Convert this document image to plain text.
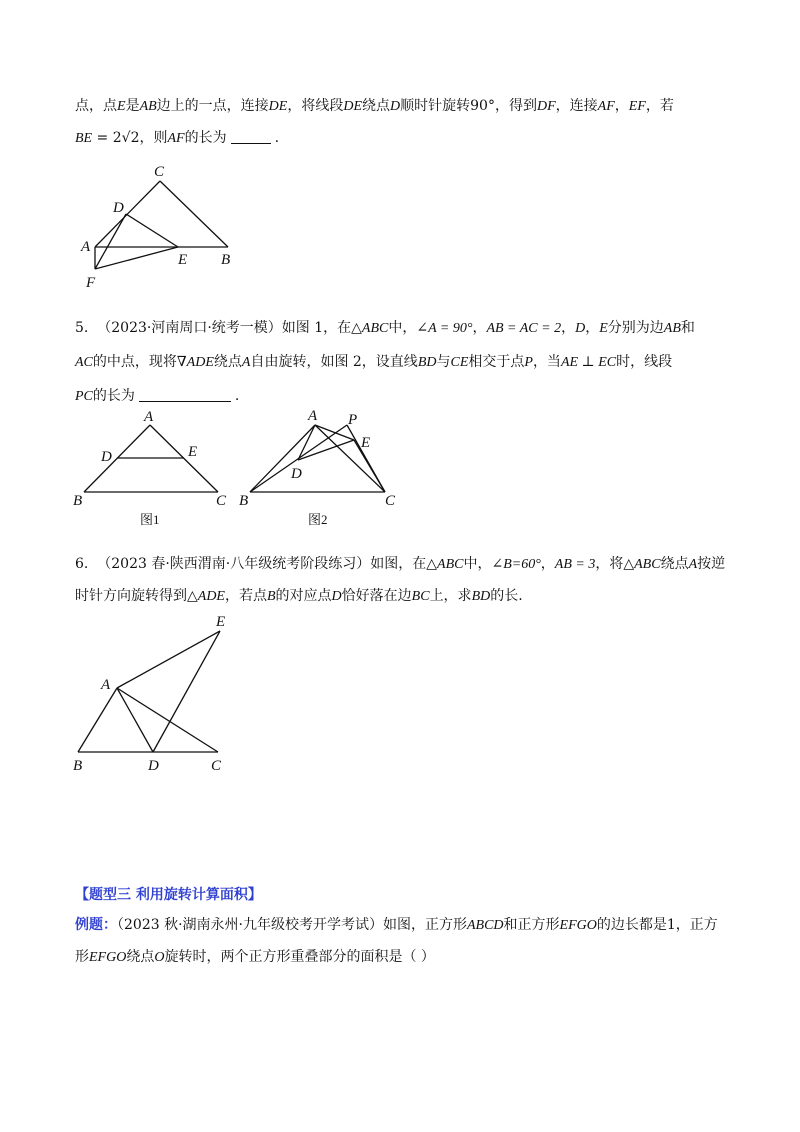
点，点E是AB边上的一点，连接DE，将线段DE绕点D顺时针旋转90°，得到DF，连接AF，EF，若
BE = 2√2，则AF的长为	.
C
D
A
E B
F
5. （2023·河南周口·统考一模）如图 1，在△ABC中，∠A = 90°，AB = AC = 2，D，E分别为边AB和
AC的中点，现将∇ADE绕点A自由旋转，如图 2，设直线BD与CE相交于点P，当AE ⊥ EC时，线段
PC的长为	.
A
D	E
B	C
图1
A P
E
D
B	C
图2
6. （2023 春·陕西渭南·八年级统考阶段练习）如图，在△ABC中，∠B=60°，AB = 3，将△ABC绕点A按逆
时针方向旋转得到△ADE，若点B的对应点D恰好落在边BC上，求BD的长.
E
A
B	D	C
【题型三 利用旋转计算面积】
例题：（2023 秋·湖南永州·九年级校考开学考试）如图，正方形ABCD和正方形EFGO的边长都是1，正方
形EFGO绕点O旋转时，两个正方形重叠部分的面积是（ ）
